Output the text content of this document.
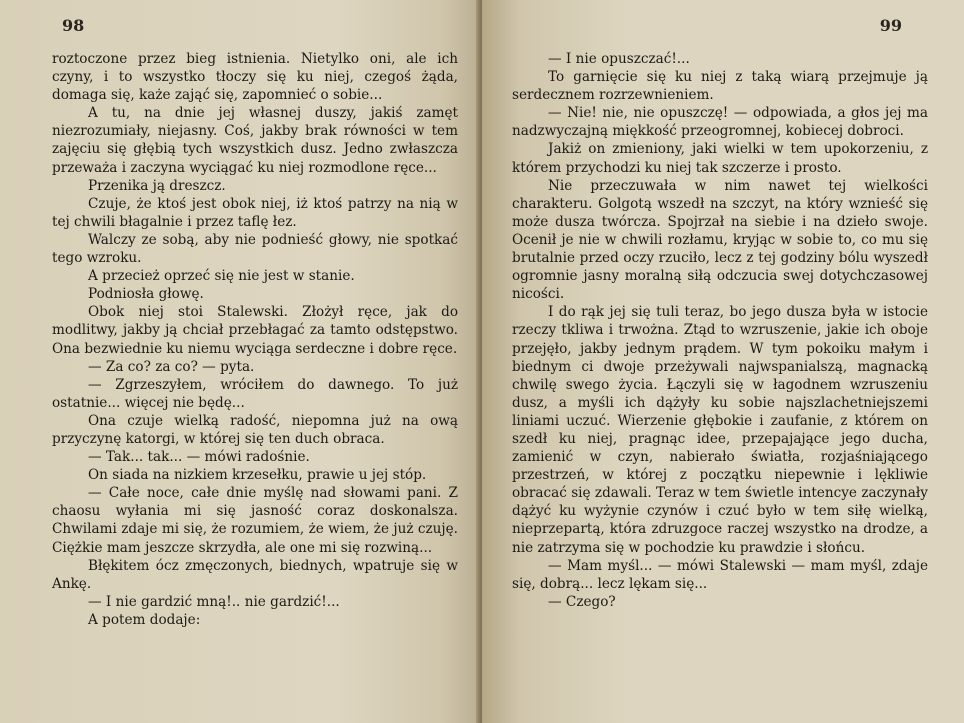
98

roztoczone przez bieg istnienia. Nietylko oni, ale ich czyny, i to wszystko tłoczy się ku niej, czegoś żąda, domaga się, każe zająć się, zapomnieć o sobie...

A tu, na dnie jej własnej duszy, jakiś zamęt niezrozumiały, niejasny. Coś, jakby brak równości w tem zajęciu się głębią tych wszystkich dusz. Jedno zwłaszcza przeważa i zaczyna wyciągać ku niej rozmodlone ręce...

Przenika ją dreszcz.

Czuje, że ktoś jest obok niej, iż ktoś patrzy na nią w tej chwili błagalnie i przez taflę łez.

Walczy ze sobą, aby nie podnieść głowy, nie spotkać tego wzroku.

A przecież oprzeć się nie jest w stanie.

Podniosła głowę.

Obok niej stoi Stalewski. Złożył ręce, jak do modlitwy, jakby ją chciał przebłagać za tamto odstępstwo. Ona bezwiednie ku niemu wyciąga serdeczne i dobre ręce.

— Za co? za co? — pyta.

— Zgrzeszyłem, wróciłem do dawnego. To już ostatnie... więcej nie będę...

Ona czuje wielką radość, niepomna już na ową przyczynę katorgi, w której się ten duch obraca.

— Tak... tak... — mówi radośnie.

On siada na nizkiem krzesełku, prawie u jej stóp.

— Całe noce, całe dnie myślę nad słowami pani. Z chaosu wyłania mi się jasność coraz doskonalsza. Chwilami zdaje mi się, że rozumiem, że wiem, że już czuję. Ciężkie mam jeszcze skrzydła, ale one mi się rozwiną...

Błękitem ócz zmęczonych, biednych, wpatruje się w Ankę.

— I nie gardzić mną!.. nie gardzić!...

A potem dodaje:

99

— I nie opuszczać!...

To garnięcie się ku niej z taką wiarą przejmuje ją serdecznem rozrzewnieniem.

— Nie! nie, nie opuszczę! — odpowiada, a głos jej ma nadzwyczajną miękkość przeogromnej, kobiecej dobroci.

Jakiż on zmieniony, jaki wielki w tem upokorzeniu, z którem przychodzi ku niej tak szczerze i prosto.

Nie przeczuwała w nim nawet tej wielkości charakteru. Golgotą wszedł na szczyt, na który wznieść się może dusza twórcza. Spojrzał na siebie i na dzieło swoje. Ocenił je nie w chwili rozłamu, kryjąc w sobie to, co mu się brutalnie przed oczy rzuciło, lecz z tej godziny bólu wyszedł ogromnie jasny moralną siłą odczucia swej dotychczasowej nicości.

I do rąk jej się tuli teraz, bo jego dusza była w istocie rzeczy tkliwa i trwożna. Ztąd to wzruszenie, jakie ich oboje przejęło, jakby jednym prądem. W tym pokoiku małym i biednym ci dwoje przeżywali najwspanialszą, magnacką chwilę swego życia. Łączyli się w łagodnem wzruszeniu dusz, a myśli ich dążyły ku sobie najszlachetniejszemi liniami uczuć. Wierzenie głębokie i zaufanie, z którem on szedł ku niej, pragnąc idee, przepajające jego ducha, zamienić w czyn, nabierało światła, rozjaśniającego przestrzeń, w której z początku niepewnie i lękliwie obracać się zdawali. Teraz w tem świetle intencye zaczynały dążyć ku wyżynie czynów i czuć było w tem siłę wielką, nieprzepartą, która zdruzgoce raczej wszystko na drodze, a nie zatrzyma się w pochodzie ku prawdzie i słońcu.

— Mam myśl... — mówi Stalewski — mam myśl, zdaje się, dobrą... lecz lękam się...

— Czego?
